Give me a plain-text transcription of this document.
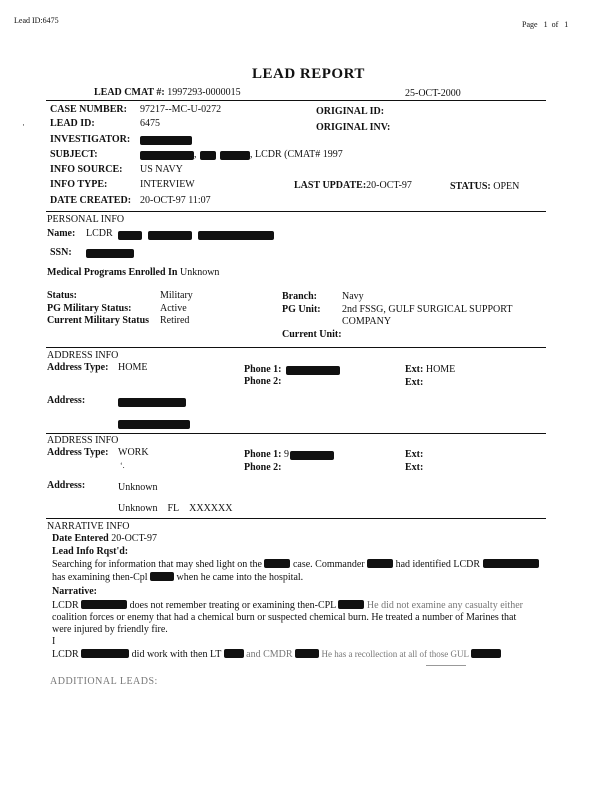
Lead ID:6475	Page 1 of 1
LEAD REPORT
LEAD CMAT #: 1997293-0000015	25-OCT-2000
CASE NUMBER: 97217--MC-U-0272	ORIGINAL ID:
LEAD ID:	6475	ORIGINAL INV:
·
INVESTIGATOR:
SUBJECT:	,	, LCDR (CMAT# 1997
INFO SOURCE: US NAVY
INFO TYPE:	INTERVIEW	LAST UPDATE:20-OCT-97	STATUS: OPEN
DATE CREATED: 20-OCT-97 11:07
PERSONAL INFO
Name: LCDR
SSN:
Medical Programs Enrolled In Unknown
Status:	Military	Branch:	Navy
PG Military Status:	Active	PG Unit: 2nd FSSG, GULF SURGICAL SUPPORT
Current Military Status Retired	COMPANY
Current Unit:
ADDRESS INFO
Address Type: HOME	Phone 1:	Ext: HOME
Phone 2:	Ext:
Address:
ADDRESS INFO
Address Type: WORK	Phone 1: 9	Ext:
‘.	Phone 2:	Ext:
Address:	Unknown
Unknown FL XXXXXX
NARRATIVE INFO
Date Entered 20-OCT-97
Lead Info Rqst'd:
Searching for information that may shed light on the	case. Commander	had identified LCDR
has examining then-Cpl	when he came into the hospital.
Narrative:
LCDR	does not remember treating or examining then-CPL	He did not examine any casualty either
coalition forces or enemy that had a chemical burn or suspected chemical burn. He treated a number of Marines that
were injured by friendly fire.
I
LCDR	did work with then LT	and CMDR	He has a recollection at all of those GUL
ADDITIONAL LEADS:
